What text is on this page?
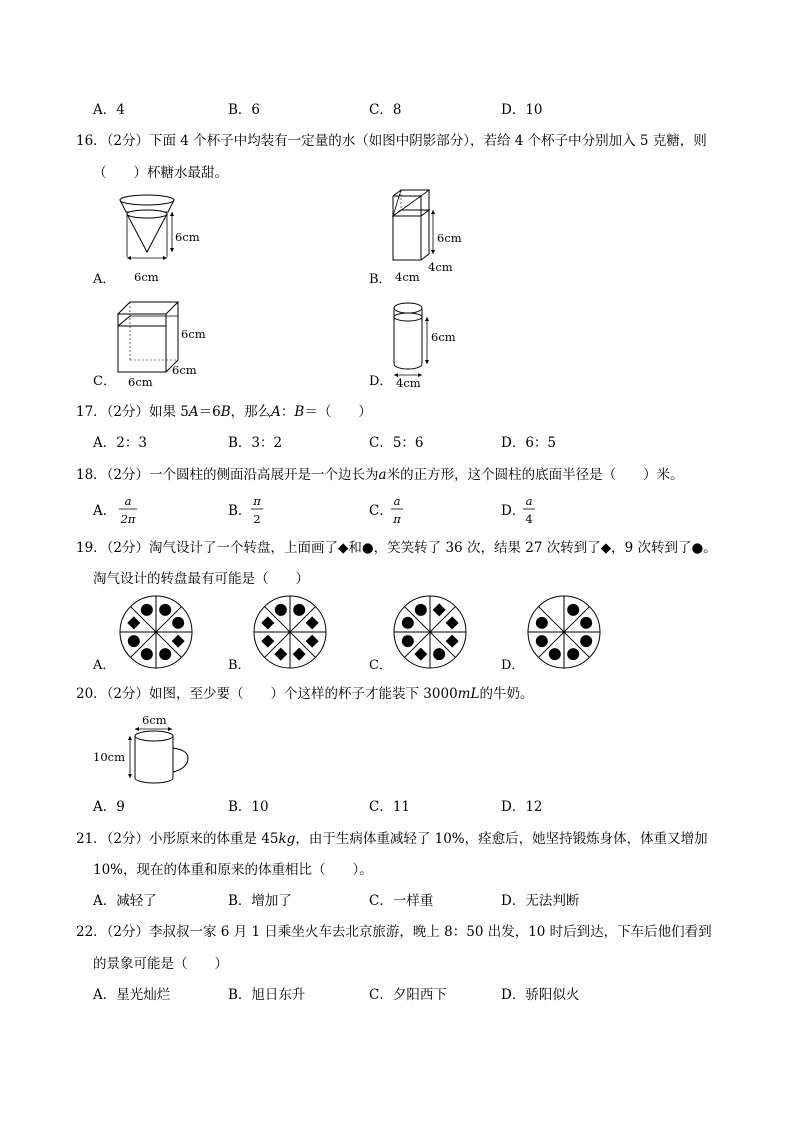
A．4	B．6	C．8	D．10
16．（2分）下面 4 个杯子中均装有一定量的水（如图中阴影部分），若给 4 个杯子中分别加入 5 克糖，则
（　　）杯糖水最甜。
A．
6cm
6cm	B．
6cm
4cm
4cm
C．
6cm
6cm
6cm
D．
6cm
4cm
17．（2分）如果 5A＝6B，那么A：B＝（　　）
A．2：3	B．3：2	C．5：6	D．6：5
18．（2分）一个圆柱的侧面沿高展开是一个边长为a米的正方形，这个圆柱的底面半径是（　　）米。
A．
a
2π	B．
π
2	C．
a
π	D．
a
4
19．（2分）淘气设计了一个转盘，上面画了◆和●，笑笑转了 36 次，结果 27 次转到了◆，9 次转到了●。
淘气设计的转盘最有可能是（　　）
A．	B．	C．	D．
20．（2分）如图，至少要（　　）个这样的杯子才能装下 3000mL的牛奶。
6cm
10cm
A．9	B．10	C．11	D．12
21．（2分）小彤原来的体重是 45kg，由于生病体重减轻了 10%，痊愈后，她坚持锻炼身体，体重又增加
10%，现在的体重和原来的体重相比（　　）。
A．减轻了	B．增加了	C．一样重	D．无法判断
22．（2分）李叔叔一家 6 月 1 日乘坐火车去北京旅游，晚上 8：50 出发，10 时后到达，下车后他们看到
的景象可能是（　　）
A．星光灿烂	B．旭日东升	C．夕阳西下	D．骄阳似火
